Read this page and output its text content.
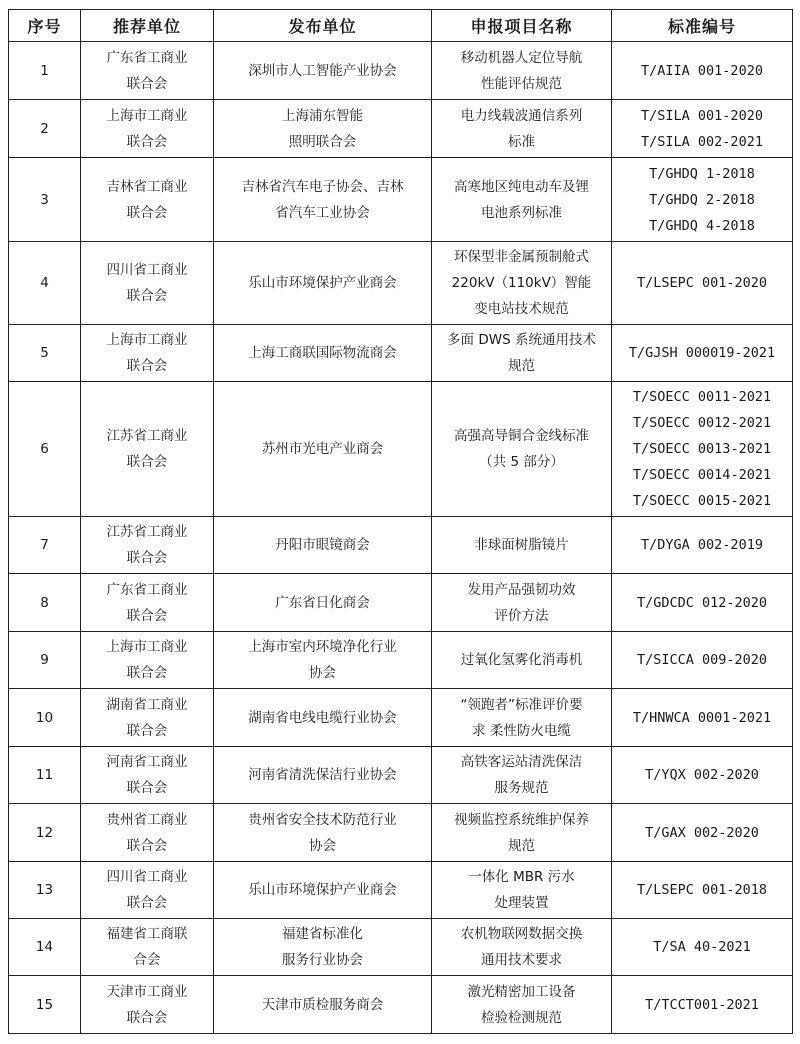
序号	推荐单位	发布单位	申报项目名称	标准编号
1	广东省工商业
联合会	深圳市人工智能产业协会	移动机器人定位导航
性能评估规范	T/AIIA 001-2020

2	上海市工商业
联合会	上海浦东智能
照明联合会	电力线载波通信系列
标准	T/SILA 001-2020
T/SILA 002-2021

3	吉林省工商业
联合会	吉林省汽车电子协会、吉林
省汽车工业协会	高寒地区纯电动车及锂
电池系列标准	T/GHDQ 1-2018
T/GHDQ 2-2018
T/GHDQ 4-2018

4	四川省工商业
联合会	乐山市环境保护产业商会	环保型非金属预制舱式
220kV（110kV）智能
变电站技术规范	T/LSEPC 001-2020

5	上海市工商业
联合会	上海工商联国际物流商会	多面 DWS 系统通用技术
规范	T/GJSH 000019-2021

6	江苏省工商业
联合会	苏州市光电产业商会	高强高导铜合金线标准
（共 5 部分）	T/SOECC 0011-2021
T/SOECC 0012-2021
T/SOECC 0013-2021
T/SOECC 0014-2021
T/SOECC 0015-2021

7	江苏省工商业
联合会	丹阳市眼镜商会	非球面树脂镜片	T/DYGA 002-2019

8	广东省工商业
联合会	广东省日化商会	发用产品强韧功效
评价方法	T/GDCDC 012-2020

9	上海市工商业
联合会	上海市室内环境净化行业
协会	过氧化氢雾化消毒机	T/SICCA 009-2020

10	湖南省工商业
联合会	湖南省电线电缆行业协会	“领跑者”标准评价要
求 柔性防火电缆	T/HNWCA 0001-2021

11	河南省工商业
联合会	河南省清洗保洁行业协会	高铁客运站清洗保洁
服务规范	T/YQX 002-2020

12	贵州省工商业
联合会	贵州省安全技术防范行业
协会	视频监控系统维护保养
规范	T/GAX 002-2020

13	四川省工商业
联合会	乐山市环境保护产业商会	一体化 MBR 污水
处理装置	T/LSEPC 001-2018

14	福建省工商联
合会	福建省标准化
服务行业协会	农机物联网数据交换
通用技术要求	T/SA 40-2021

15	天津市工商业
联合会	天津市质检服务商会	激光精密加工设备
检验检测规范	T/TCCT001-2021
